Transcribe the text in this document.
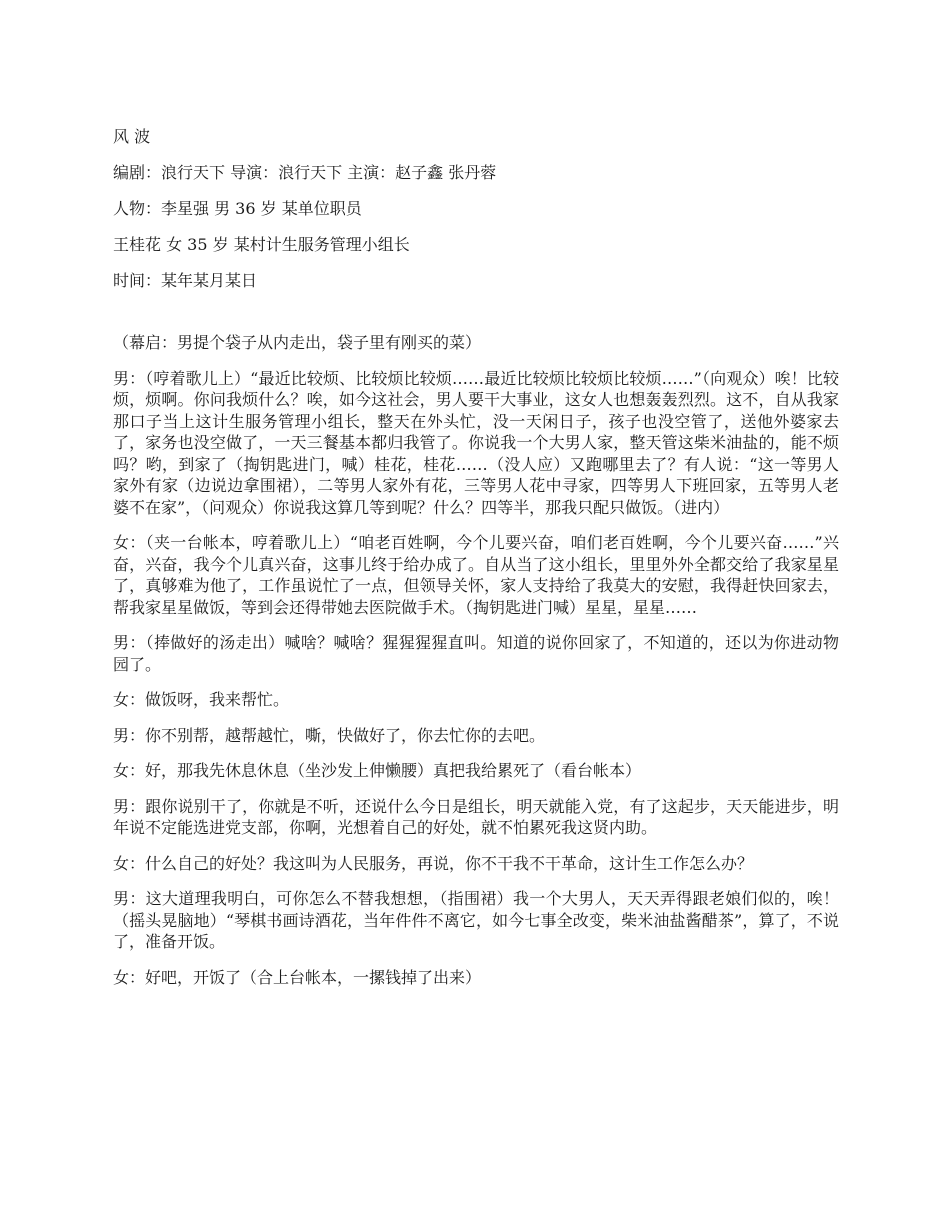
风 波

编剧：浪行天下 导演：浪行天下 主演：赵子鑫 张丹蓉

人物：李星强 男 36 岁 某单位职员

王桂花 女 35 岁 某村计生服务管理小组长

时间：某年某月某日

（幕启：男提个袋子从内走出，袋子里有刚买的菜）

男：（哼着歌儿上）“最近比较烦、比较烦比较烦……最近比较烦比较烦比较烦……”（向观众）唉！比较烦，烦啊。你问我烦什么？唉，如今这社会，男人要干大事业，这女人也想轰轰烈烈。这不，自从我家那口子当上这计生服务管理小组长，整天在外头忙，没一天闲日子，孩子也没空管了，送他外婆家去了，家务也没空做了，一天三餐基本都归我管了。你说我一个大男人家，整天管这柴米油盐的，能不烦吗？哟，到家了（掏钥匙进门，喊）桂花，桂花……（没人应）又跑哪里去了？有人说：“这一等男人家外有家（边说边拿围裙），二等男人家外有花，三等男人花中寻家，四等男人下班回家，五等男人老婆不在家”，（问观众）你说我这算几等到呢？什么？四等半，那我只配只做饭。（进内）

女：（夹一台帐本，哼着歌儿上）“咱老百姓啊，今个儿要兴奋，咱们老百姓啊，今个儿要兴奋……”兴奋，兴奋，我今个儿真兴奋，这事儿终于给办成了。自从当了这小组长，里里外外全都交给了我家星星了，真够难为他了，工作虽说忙了一点，但领导关怀，家人支持给了我莫大的安慰，我得赶快回家去，帮我家星星做饭，等到会还得带她去医院做手术。（掏钥匙进门喊）星星，星星……

男：（捧做好的汤走出）喊啥？喊啥？猩猩猩猩直叫。知道的说你回家了，不知道的，还以为你进动物园了。

女：做饭呀，我来帮忙。

男：你不别帮，越帮越忙，嘶，快做好了，你去忙你的去吧。

女：好，那我先休息休息（坐沙发上伸懒腰）真把我给累死了（看台帐本）

男：跟你说别干了，你就是不听，还说什么今日是组长，明天就能入党，有了这起步，天天能进步，明年说不定能选进党支部，你啊，光想着自己的好处，就不怕累死我这贤内助。

女：什么自己的好处？我这叫为人民服务，再说，你不干我不干革命，这计生工作怎么办？

男：这大道理我明白，可你怎么不替我想想，（指围裙）我一个大男人，天天弄得跟老娘们似的，唉！（摇头晃脑地）“琴棋书画诗酒花，当年件件不离它，如今七事全改变，柴米油盐酱醋茶”，算了，不说了，准备开饭。

女：好吧，开饭了（合上台帐本，一摞钱掉了出来）
